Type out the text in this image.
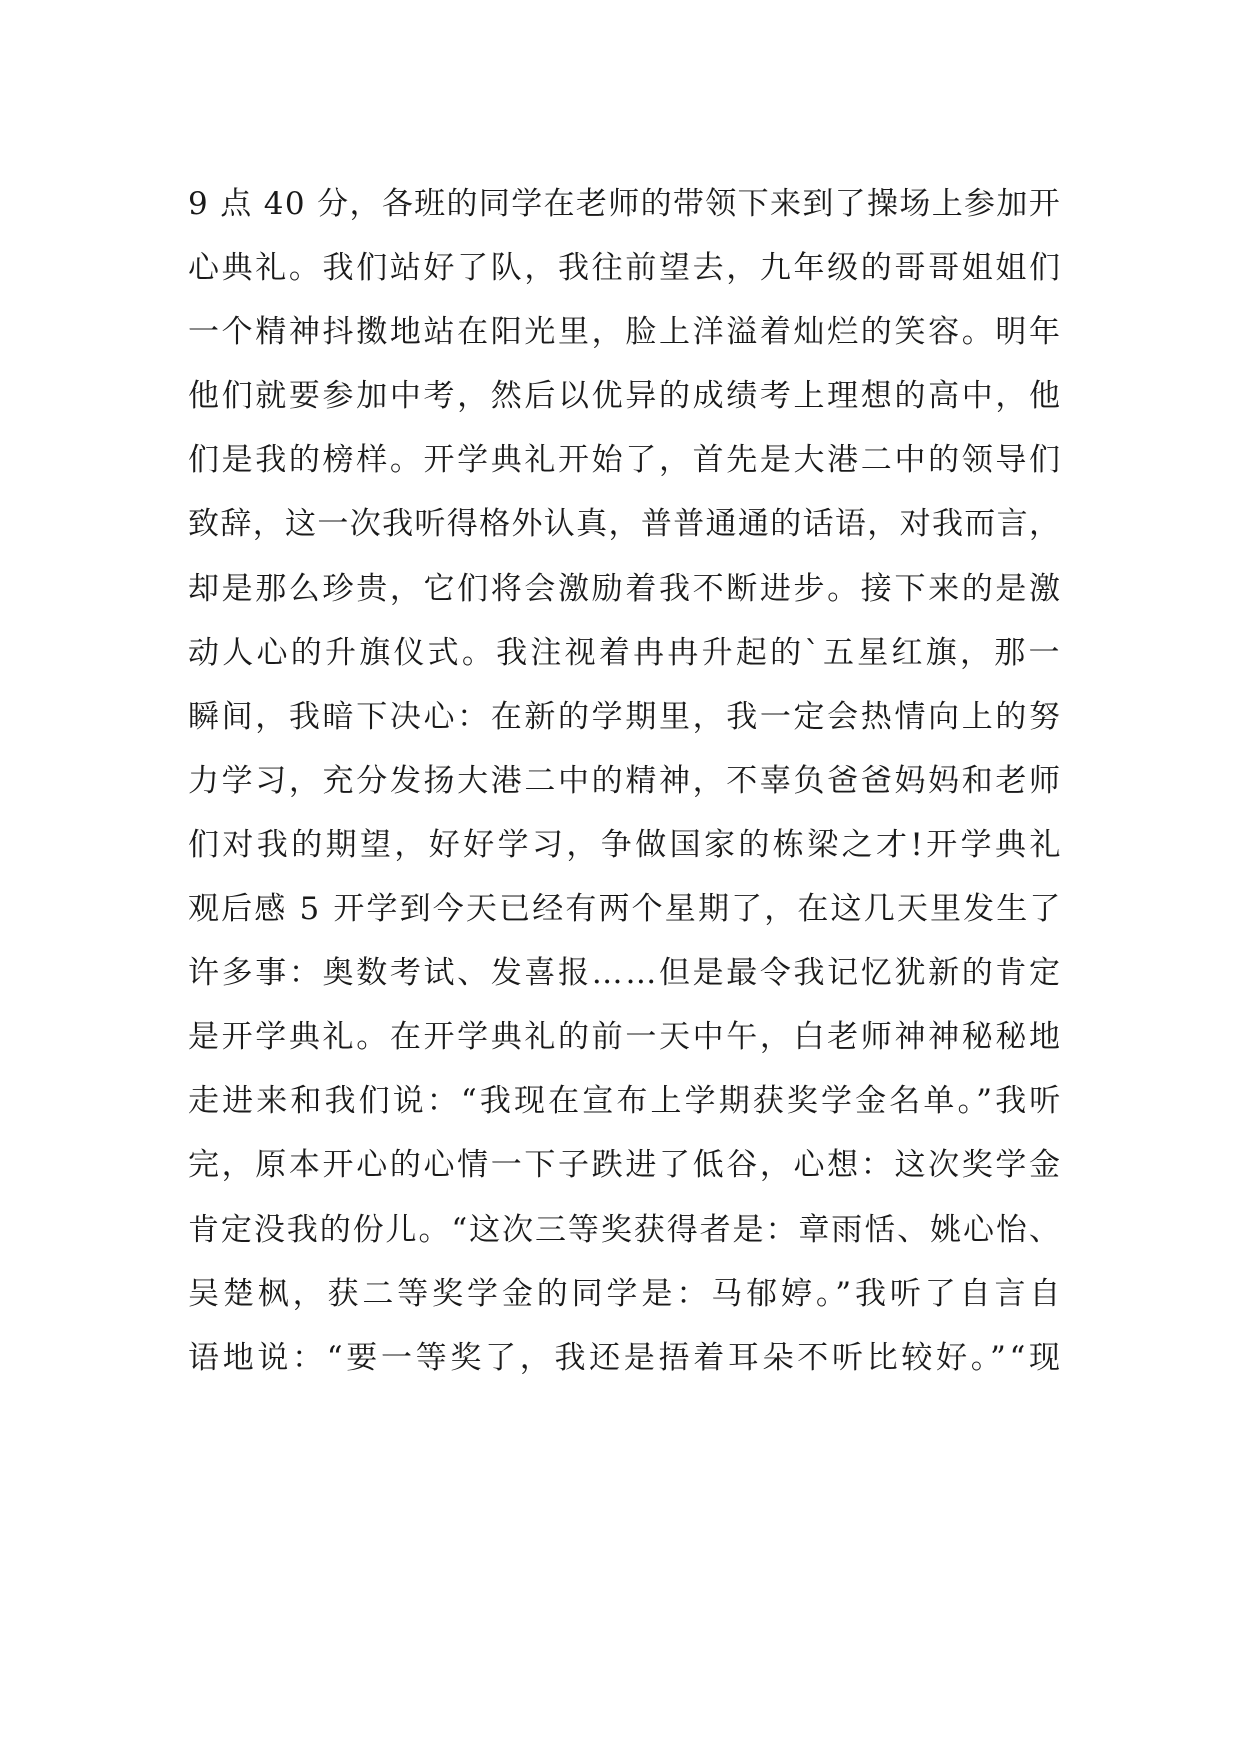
9 点 40 分，各班的同学在老师的带领下来到了操场上参加开
心典礼。我们站好了队，我往前望去，九年级的哥哥姐姐们
一个精神抖擞地站在阳光里，脸上洋溢着灿烂的笑容。明年
他们就要参加中考，然后以优异的成绩考上理想的高中，他
们是我的榜样。开学典礼开始了，首先是大港二中的领导们
致辞，这一次我听得格外认真，普普通通的话语，对我而言，
却是那么珍贵，它们将会激励着我不断进步。接下来的是激
动人心的升旗仪式。我注视着冉冉升起的`五星红旗，那一
瞬间，我暗下决心：在新的学期里，我一定会热情向上的努
力学习，充分发扬大港二中的精神，不辜负爸爸妈妈和老师
们对我的期望，好好学习，争做国家的栋梁之才!开学典礼
观后感 5 开学到今天已经有两个星期了，在这几天里发生了
许多事：奥数考试、发喜报……但是最令我记忆犹新的肯定
是开学典礼。在开学典礼的前一天中午，白老师神神秘秘地
走进来和我们说：“我现在宣布上学期获奖学金名单。”我听
完，原本开心的心情一下子跌进了低谷，心想：这次奖学金
肯定没我的份儿。“这次三等奖获得者是：章雨恬、姚心怡、
吴楚枫，获二等奖学金的同学是：马郁婷。”我听了自言自
语地说：“要一等奖了，我还是捂着耳朵不听比较好。”“现
